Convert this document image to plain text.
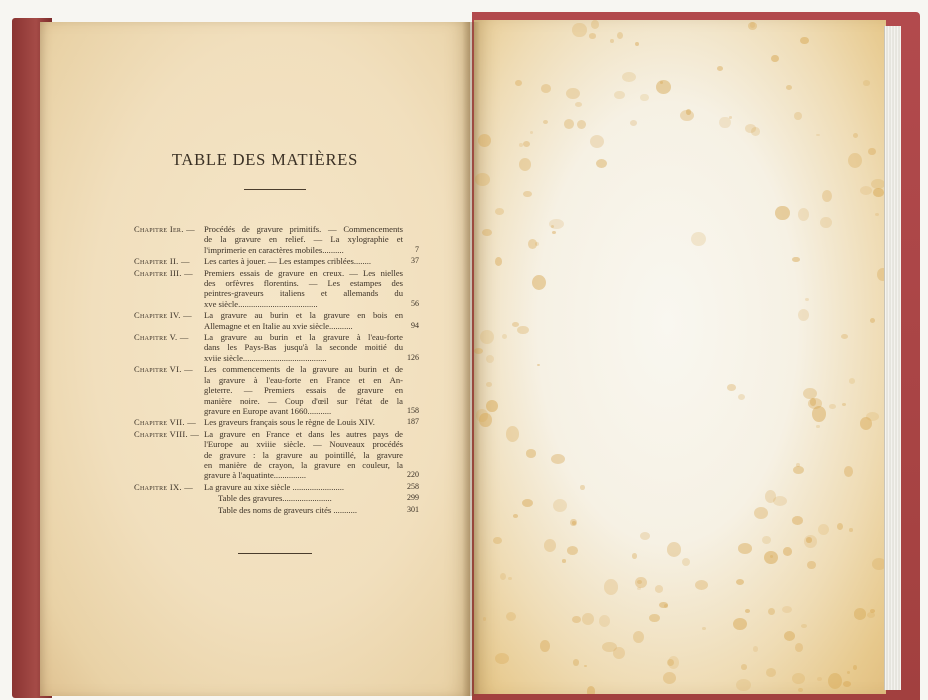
TABLE DES MATIÈRES
Chapitre Ier. —	Procédés de gravure primitifs. — Commencements
de la gravure en relief. — La xylographie et
l'imprimerie en caractères mobiles..........	7
Chapitre II. —	Les cartes à jouer. — Les estampes criblées........	37
Chapitre III. —	Premiers essais de gravure en creux. — Les nielles
des orfèvres florentins. — Les estampes des
peintres-graveurs italiens et allemands du
xve siècle.....................................	56
Chapitre IV. —	La gravure au burin et la gravure en bois en
Allemagne et en Italie au xvie siècle...........	94
Chapitre V. —	La gravure au burin et la gravure à l'eau-forte
dans les Pays-Bas jusqu'à la seconde moitié du
xviie siècle.......................................	126
Chapitre VI. —	Les commencements de la gravure au burin et de
la gravure à l'eau-forte en France et en An-
gleterre. — Premiers essais de gravure en
manière noire. — Coup d'œil sur l'état de la
gravure en Europe avant 1660...........	158
Chapitre VII. — Les graveurs français sous le règne de Louis XIV.	187
Chapitre VIII. — La gravure en France et dans les autres pays de
l'Europe au xviiie siècle. — Nouveaux procédés
de gravure : la gravure au pointillé, la gravure
en manière de crayon, la gravure en couleur, la
gravure à l'aquatinte...............	220
Chapitre IX. —	La gravure au xixe siècle ........................	258
Table des gravures.......................	299
Table des noms de graveurs cités ...........	301
